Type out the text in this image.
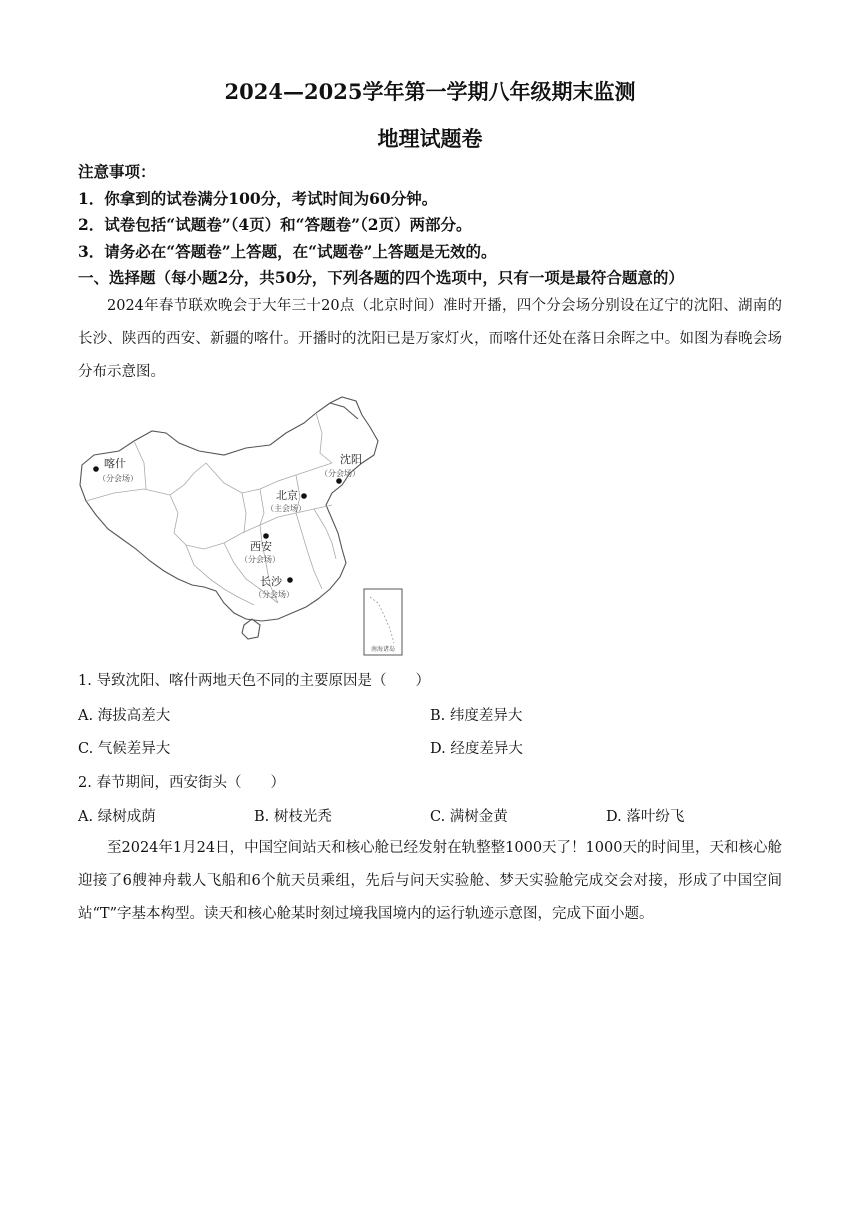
2024—2025学年第一学期八年级期末监测
地理试题卷
注意事项：
1．你拿到的试卷满分100分，考试时间为60分钟。
2．试卷包括“试题卷”（4页）和“答题卷”（2页）两部分。
3．请务必在“答题卷”上答题，在“试题卷”上答题是无效的。
一、选择题（每小题2分，共50分，下列各题的四个选项中，只有一项是最符合题意的）
2024年春节联欢晚会于大年三十20点（北京时间）准时开播，四个分会场分别设在辽宁的沈阳、湖南的长沙、陕西的西安、新疆的喀什。开播时的沈阳已是万家灯火，而喀什还处在落日余晖之中。如图为春晚会场分布示意图。
南海诸岛
喀什
（分会场）
沈阳
（分会场）
北京
（主会场）
西安
（分会场）
长沙
（分会场）
1. 导致沈阳、喀什两地天色不同的主要原因是（　　）
A. 海拔高差大	B. 纬度差异大
C. 气候差异大	D. 经度差异大
2. 春节期间，西安街头（　　）
A. 绿树成荫	B. 树枝光秃	C. 满树金黄	D. 落叶纷飞
至2024年1月24日，中国空间站天和核心舱已经发射在轨整整1000天了！1000天的时间里，天和核心舱迎接了6艘神舟载人飞船和6个航天员乘组，先后与问天实验舱、梦天实验舱完成交会对接，形成了中国空间站“T”字基本构型。读天和核心舱某时刻过境我国境内的运行轨迹示意图，完成下面小题。
